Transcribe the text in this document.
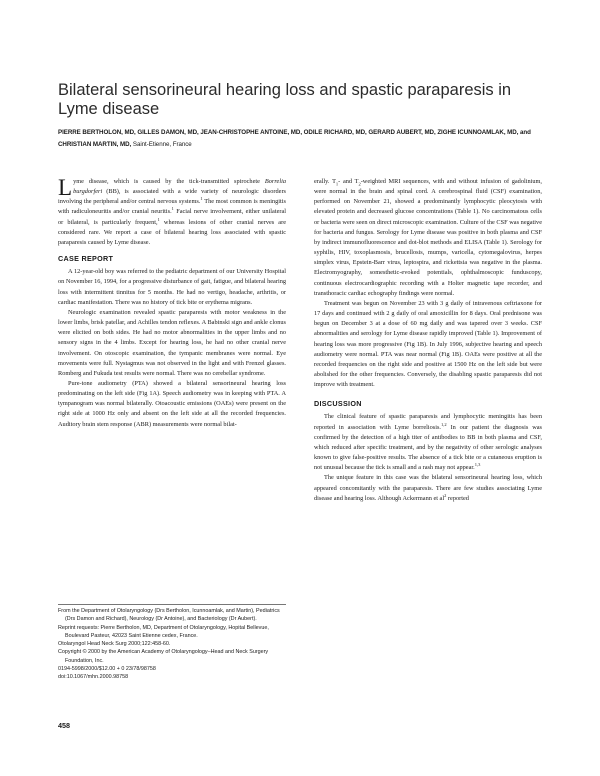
Bilateral sensorineural hearing loss and spastic paraparesis in Lyme disease
PIERRE BERTHOLON, MD, GILLES DAMON, MD, JEAN-CHRISTOPHE ANTOINE, MD, ODILE RICHARD, MD, GERARD AUBERT, MD, ZIGHE ICUNNOAMLAK, MD, and CHRISTIAN MARTIN, MD, Saint-Etienne, France

Lyme disease, which is caused by the tick-transmitted spirochete Borrelia burgdorferi (BB), is associated with a wide variety of neurologic disorders involving the peripheral and/or central nervous systems.$^1$ The most common is meningitis with radiculoneuritis and/or cranial neuritis.$^1$ Facial nerve involvement, either unilateral or bilateral, is particularly frequent,$^1$ whereas lesions of other cranial nerves are considered rare. We report a case of bilateral hearing loss associated with spastic paraparesis caused by Lyme disease.

CASE REPORT

A 12-year-old boy was referred to the pediatric department of our University Hospital on November 16, 1994, for a progressive disturbance of gait, fatigue, and bilateral hearing loss with intermittent tinnitus for 5 months. He had no vertigo, headache, arthritis, or cardiac manifestation. There was no history of tick bite or erythema migrans.

Neurologic examination revealed spastic paraparesis with motor weakness in the lower limbs, brisk patellar, and Achilles tendon reflexes. A Babinski sign and ankle clonus were elicited on both sides. He had no motor abnormalities in the upper limbs and no sensory signs in the 4 limbs. Except for hearing loss, he had no other cranial nerve involvement. On otoscopic examination, the tympanic membranes were normal. Eye movements were full. Nystagmus was not observed in the light and with Frenzel glasses. Romberg and Fukuda test results were normal. There was no cerebellar syndrome.

Pure-tone audiometry (PTA) showed a bilateral sensorineural hearing loss predominating on the left side (Fig 1A). Speech audiometry was in keeping with PTA. A tympanogram was normal bilaterally. Otoacoustic emissions (OAEs) were present on the right side at 1000 Hz only and absent on the left side at all the recorded frequencies. Auditory brain stem response (ABR) measurements were normal bilat-

erally. $T_1-$ and $T_2$-weighted MRI sequences, with and without infusion of gadolinium, were normal in the brain and spinal cord. A cerebrospinal fluid (CSF) examination, performed on November 21, showed a predominantly lymphocytic pleocytosis with elevated protein and decreased glucose concentrations (Table 1). No carcinomatous cells or bacteria were seen on direct microscopic examination. Culture of the CSF was negative for bacteria and fungus. Serology for Lyme disease was positive in both plasma and CSF by indirect immunofluorescence and dot-blot methods and ELISA (Table 1). Serology for syphilis, HIV, toxoplasmosis, brucellosis, mumps, varicella, cytomegalovirus, herpes simplex virus, Epstein-Barr virus, leptospira, and rickettsia was negative in the plasma. Electromyography, somesthetic-evoked potentials, ophthalmoscopic funduscopy, continuous electrocardiographic recording with a Holter magnetic tape recorder, and transthoracic cardiac echography findings were normal.

Treatment was begun on November 23 with 3 g daily of intravenous ceftriaxone for 17 days and continued with 2 g daily of oral amoxicillin for 8 days. Oral prednisone was begun on December 3 at a dose of 60 mg daily and was tapered over 3 weeks. CSF abnormalities and serology for Lyme disease rapidly improved (Table 1). Improvement of hearing loss was more progressive (Fig 1B). In July 1996, subjective hearing and speech audiometry were normal. PTA was near normal (Fig 1B). OAEs were positive at all the recorded frequencies on the right side and positive at 1500 Hz on the left side but were abolished for the other frequencies. Conversely, the disabling spastic paraparesis did not improve with treatment.

DISCUSSION

The clinical feature of spastic paraparesis and lymphocytic meningitis has been reported in association with Lyme borreliosis.$^{1,2}$ In our patient the diagnosis was confirmed by the detection of a high titer of antibodies to BB in both plasma and CSF, which reduced after specific treatment, and by the negativity of other serologic analyses known to give false-positive results. The absence of a tick bite or a cutaneous eruption is not unusual because the tick is small and a rash may not appear.$^{1,3}$

The unique feature in this case was the bilateral sensorineural hearing loss, which appeared concomitantly with the paraparesis. There are few studies associating Lyme disease and hearing loss. Although Ackermann et $al^2$ reported

From the Department of Otolaryngology (Drs Bertholon, Icunnoamlak, and Martin), Pediatrics (Drs Damon and Richard), Neurology (Dr Antoine), and Bacteriology (Dr Aubert).
Reprint requests: Pierre Bertholon, MD, Department of Otolaryngology, Hopital Bellevue, Boulevard Pasteur, 42023 Saint Etienne cedex, France.
Otolaryngol Head Neck Surg 2000;122:458-60.
Copyright © 2000 by the American Academy of Otolaryngology–Head and Neck Surgery Foundation, Inc.
0194-5998/2000/$12.00 + 0 23/78/98758
doi:10.1067/mhn.2000.98758
458
